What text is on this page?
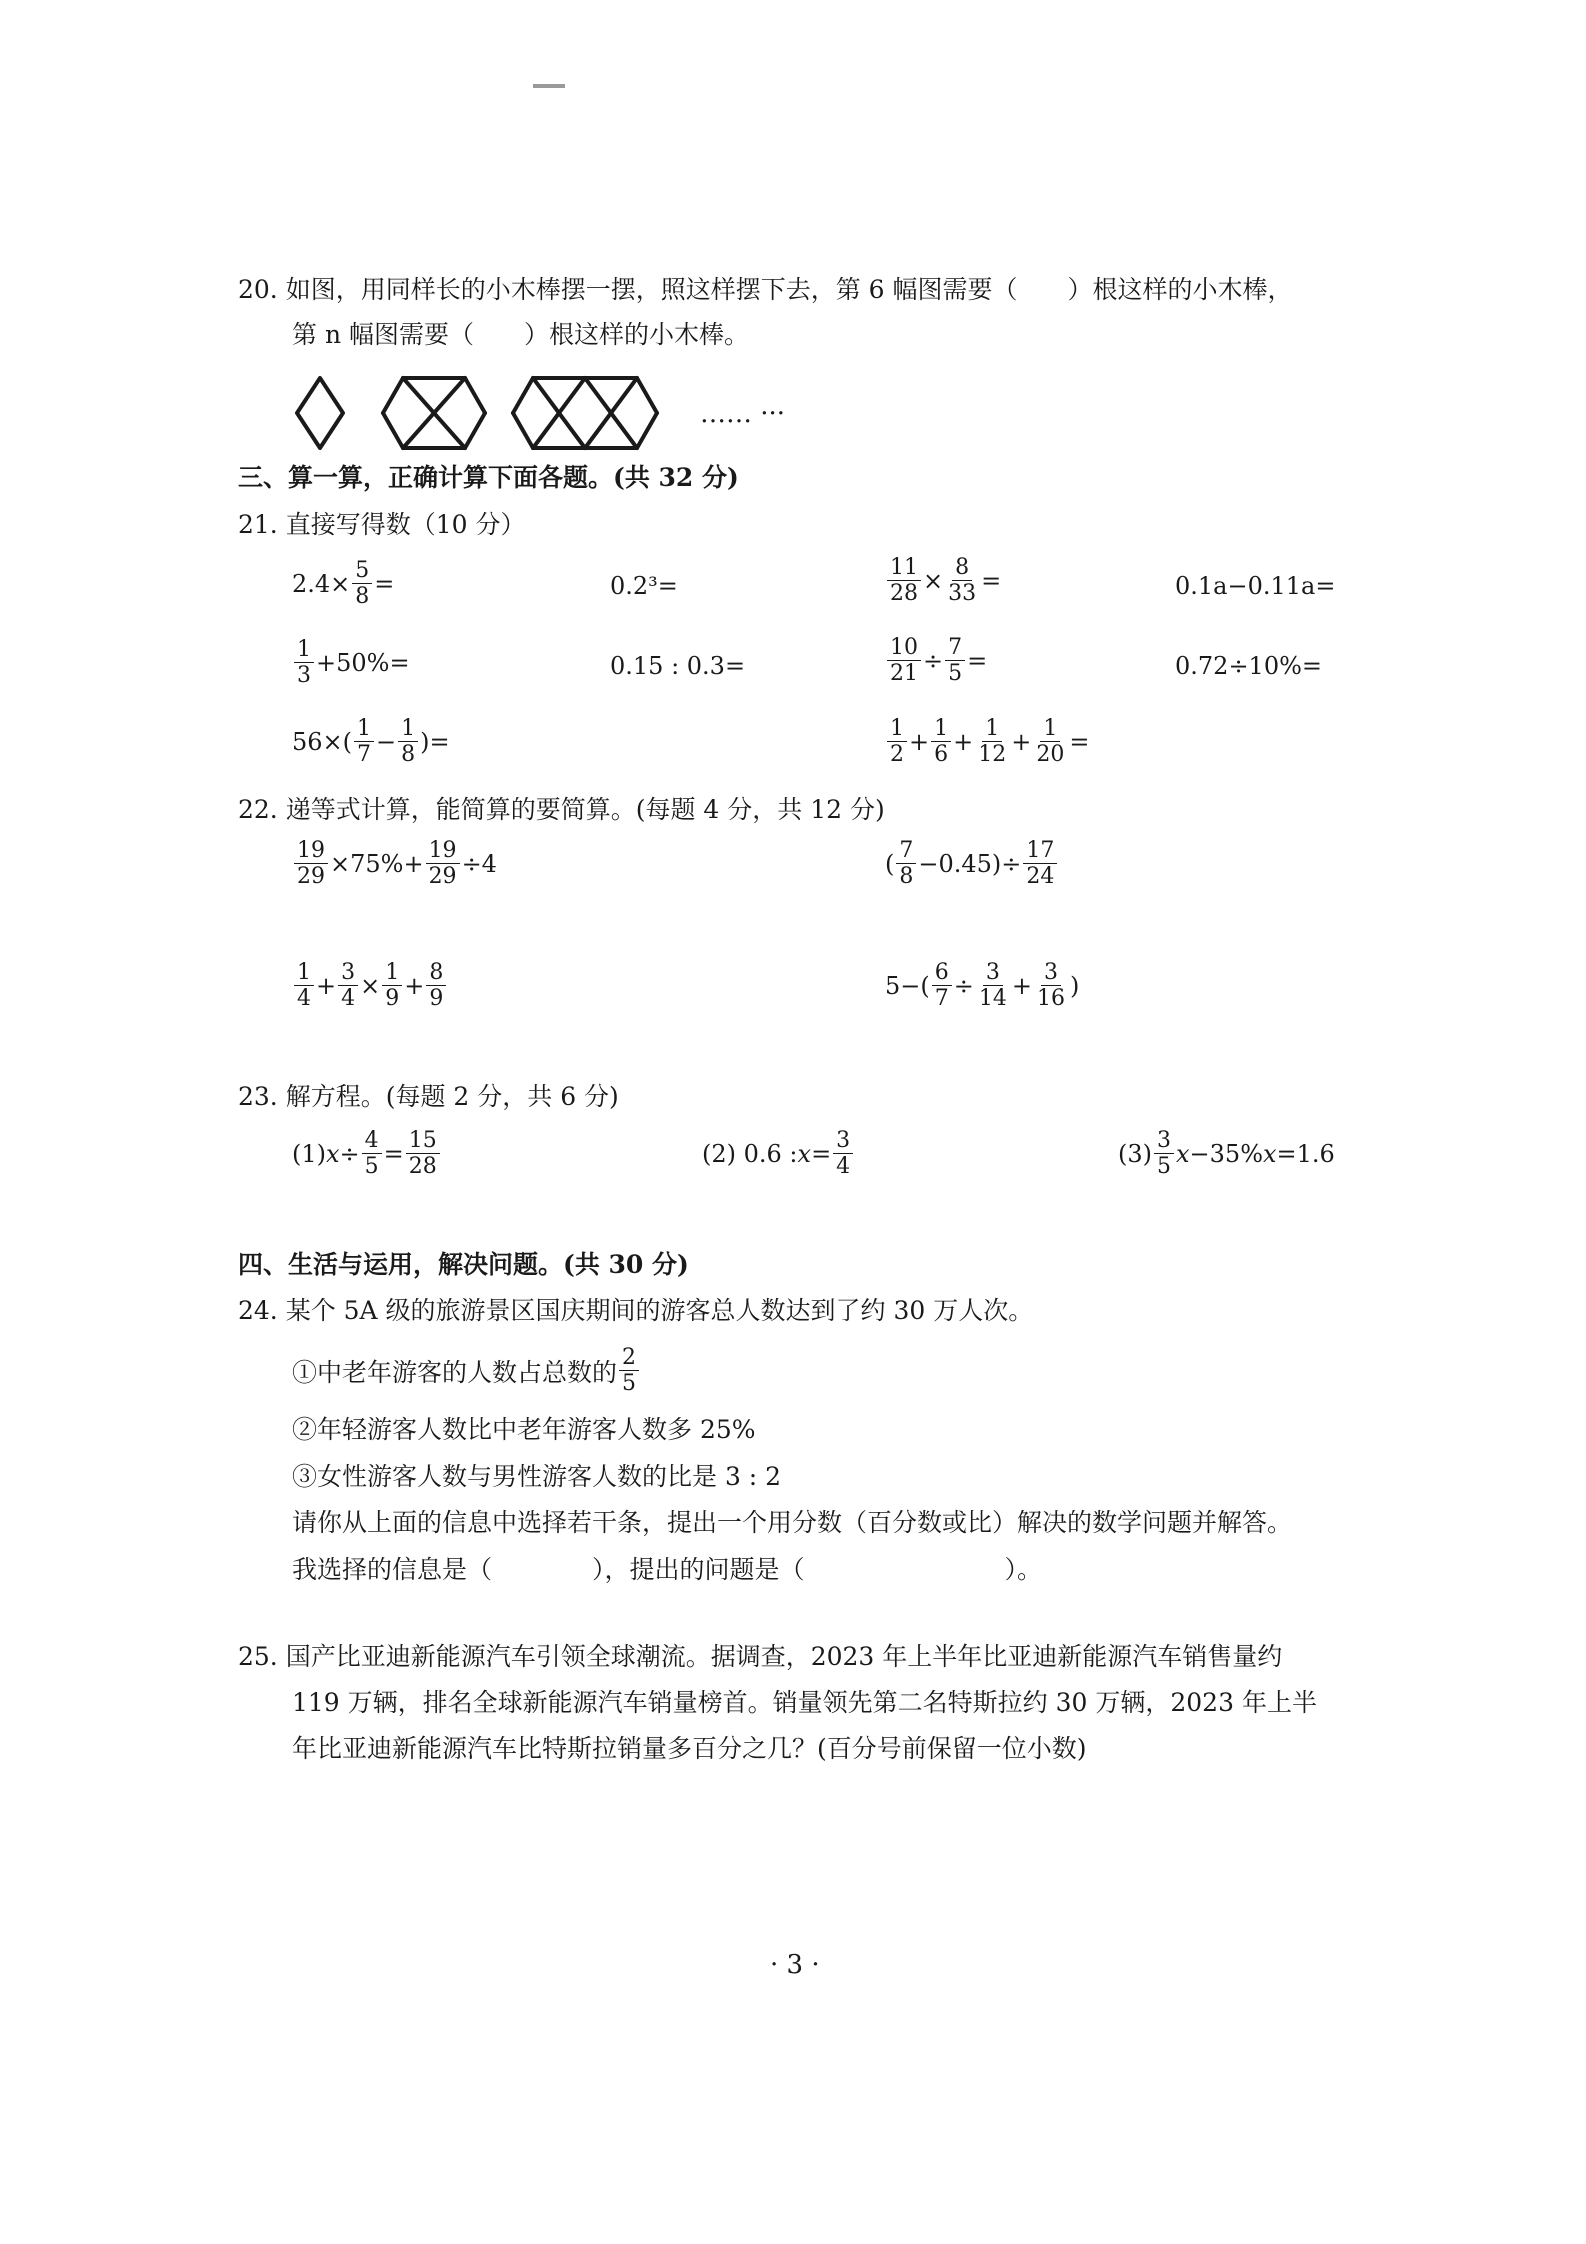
20. 如图，用同样长的小木棒摆一摆，照这样摆下去，第 6 幅图需要（　　）根这样的小木棒，
第 n 幅图需要（　　）根这样的小木棒。
…… ···
三、算一算，正确计算下面各题。(共 32 分)
21. 直接写得数（10 分）
$2.4\times \frac{5}{8}$ =	0.2³=	$\frac{11}{28} \times \frac{8}{33}$ =	0.1a−0.11a=
$\frac{1}{3} +50\%=$	0.15 : 0.3=	$\frac{10}{21} \div \frac{7}{5}$ =	0.72÷10%=
$56\times( \frac{1}{7} - \frac{1}{8}$ )=	$\frac{1}{2} + \frac{1}{6} + \frac{1}{12} + \frac{1}{20}$ =
22. 递等式计算，能简算的要简算。(每题 4 分，共 12 分)
$\frac{19}{29} \times 75\%+ \frac{19}{29} \div 4$	( $\frac{7}{8} -0.45)\div \frac{17}{24}$
$\frac{1}{4} + \frac{3}{4} \times \frac{1}{9} + \frac{8}{9}$	$5-( \frac{6}{7} \div \frac{3}{14} + \frac{3}{16}$ )
23. 解方程。(每题 2 分，共 6 分)
(1) $x \div \frac{4}{5} = \frac{15}{28}$	(2) 0.6 : $x = \frac{3}{4}$	$(3) \frac{3}{5}$ x −35% x =1.6
四、生活与运用，解决问题。(共 30 分)
24. 某个 5A 级的旅游景区国庆期间的游客总人数达到了约 30 万人次。
①中老年游客的人数占总数的 $\frac{2}{5}$
②年轻游客人数比中老年游客人数多 25%
③女性游客人数与男性游客人数的比是 3 : 2
请你从上面的信息中选择若干条，提出一个用分数（百分数或比）解决的数学问题并解答。
我选择的信息是（　　　　），提出的问题是（　　　　　　　　）。
25. 国产比亚迪新能源汽车引领全球潮流。据调查，2023 年上半年比亚迪新能源汽车销售量约
119 万辆，排名全球新能源汽车销量榜首。销量领先第二名特斯拉约 30 万辆，2023 年上半
年比亚迪新能源汽车比特斯拉销量多百分之几？(百分号前保留一位小数)
· 3 ·
